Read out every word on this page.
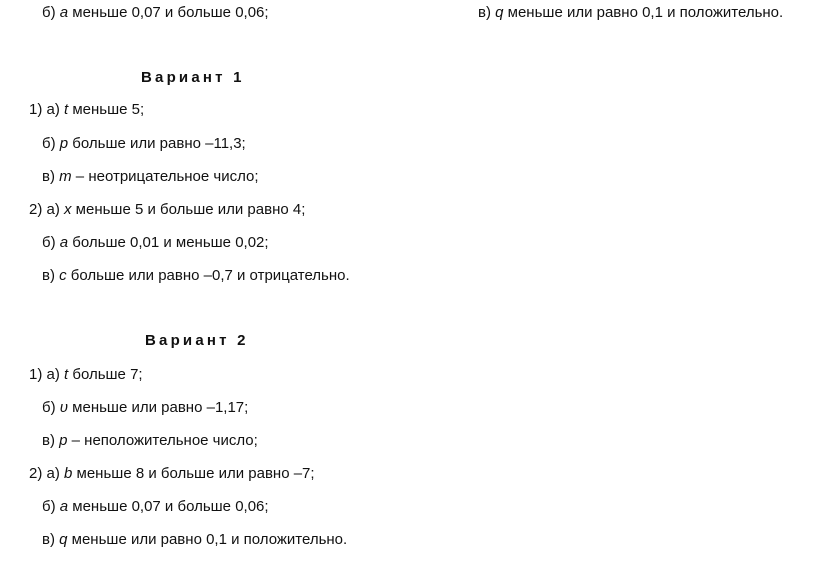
б) a меньше 0,07 и больше 0,06;	в) q меньше или равно 0,1 и положительно.
Вариант 1
1) а) t меньше 5;
б) p больше или равно –11,3;
в) m – неотрицательное число;
2) а) x меньше 5 и больше или равно 4;
б) a больше 0,01 и меньше 0,02;
в) c больше или равно –0,7 и отрицательно.
Вариант 2
1) а) t больше 7;
б) υ меньше или равно –1,17;
в) p – неположительное число;
2) а) b меньше 8 и больше или равно –7;
б) a меньше 0,07 и больше 0,06;
в) q меньше или равно 0,1 и положительно.
